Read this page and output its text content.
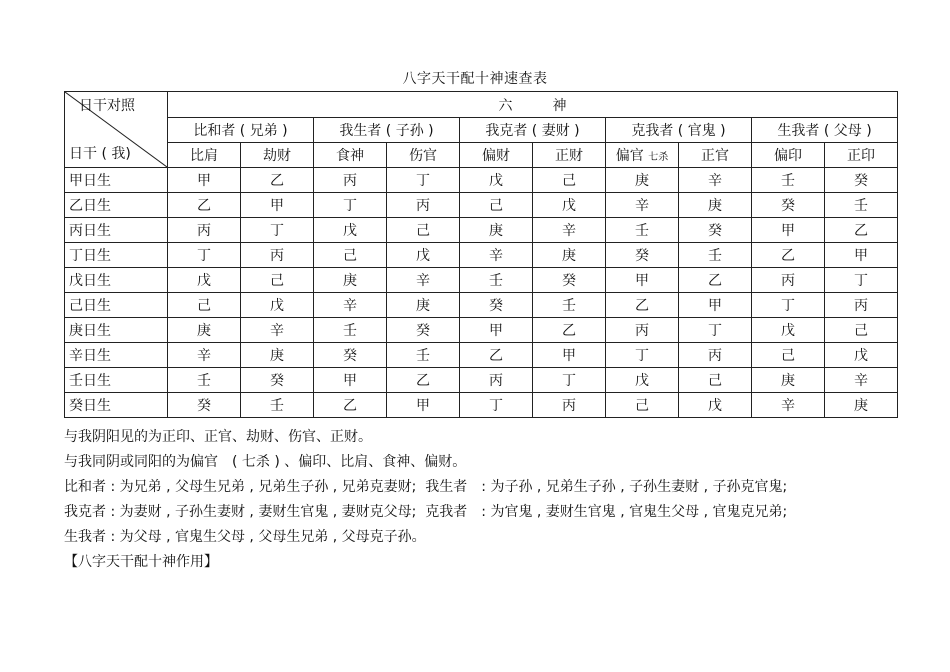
八字天干配十神速查表
日干对照
日干 ( 我)	六神									
	比和者 ( 兄弟 )		我生者 ( 子孙 )		我克者 ( 妻财 )		克我者 ( 官鬼 )		生我者 ( 父母 )	
	比肩	劫财	食神	伤官	偏财	正财	偏官 七杀	正官	偏印	正印
甲日生	甲	乙	丙	丁	戊	己	庚	辛	壬	癸
乙日生	乙	甲	丁	丙	己	戊	辛	庚	癸	壬
丙日生	丙	丁	戊	己	庚	辛	壬	癸	甲	乙
丁日生	丁	丙	己	戊	辛	庚	癸	壬	乙	甲
戊日生	戊	己	庚	辛	壬	癸	甲	乙	丙	丁
己日生	己	戊	辛	庚	癸	壬	乙	甲	丁	丙
庚日生	庚	辛	壬	癸	甲	乙	丙	丁	戊	己
辛日生	辛	庚	癸	壬	乙	甲	丁	丙	己	戊
壬日生	壬	癸	甲	乙	丙	丁	戊	己	庚	辛
癸日生	癸	壬	乙	甲	丁	丙	己	戊	辛	庚
与我阴阳见的为正印、正官、劫财、伤官、正财。
与我同阴或同阳的为偏官　( 七杀 ) 、偏印、比肩、食神、偏财。
比和者 : 为兄弟 , 父母生兄弟 , 兄弟生子孙 , 兄弟克妻财;  我生者　: 为子孙 , 兄弟生子孙 , 子孙生妻财 , 子孙克官鬼;
我克者 : 为妻财 , 子孙生妻财 , 妻财生官鬼 , 妻财克父母;  克我者　: 为官鬼 , 妻财生官鬼 , 官鬼生父母 , 官鬼克兄弟;
生我者 : 为父母 , 官鬼生父母 , 父母生兄弟 , 父母克子孙。
【八字天干配十神作用】
